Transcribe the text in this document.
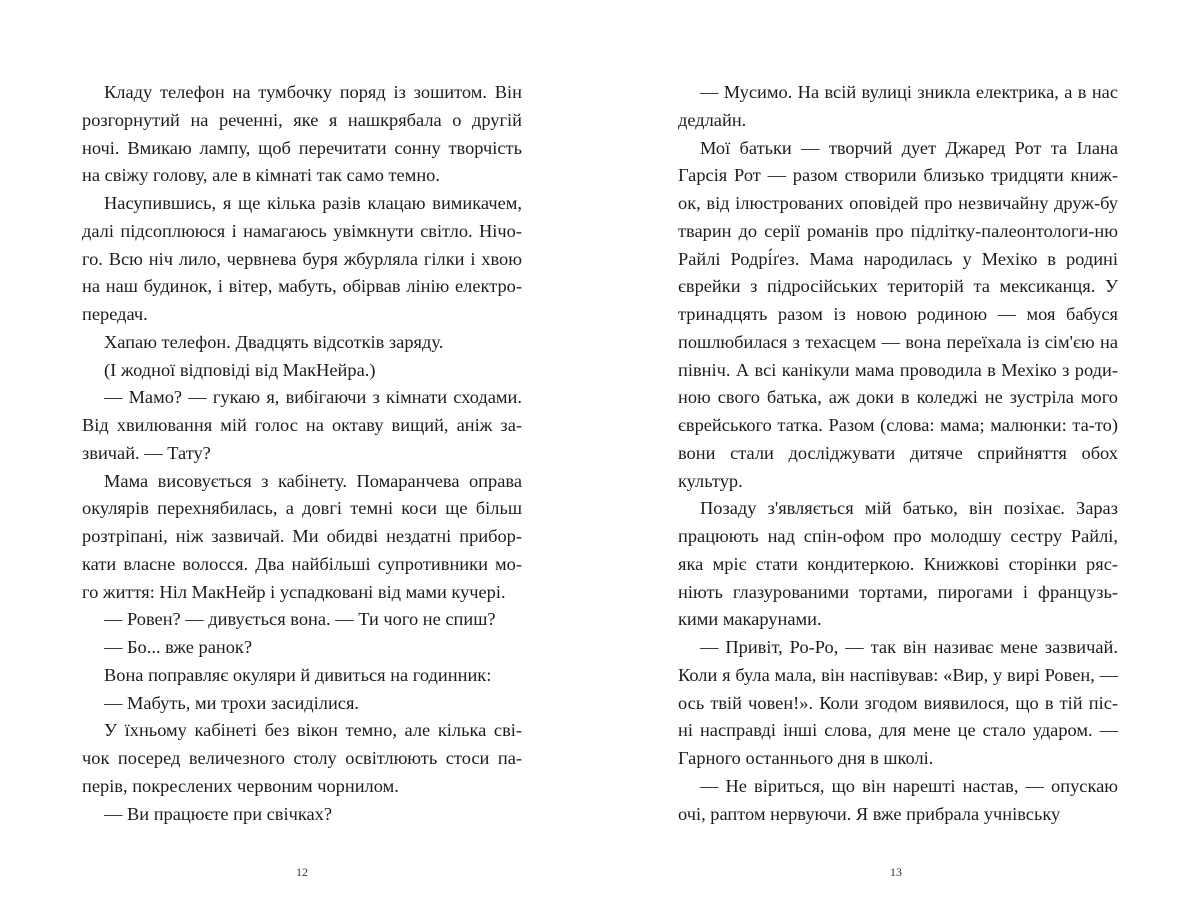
Кладу телефон на тумбочку поряд із зошитом. Він розгорнутий на реченні, яке я нашкрябала о другій ночі. Вмикаю лампу, щоб перечитати сонну творчість на свіжу голову, але в кімнаті так само темно.

Насупившись, я ще кілька разів клацаю вимикачем, далі підсоплююся і намагаюсь увімкнути світло. Нічо-го. Всю ніч лило, червнева буря жбурляла гілки і хвою на наш будинок, і вітер, мабуть, обірвав лінію електро-передач.

Хапаю телефон. Двадцять відсотків заряду.

(І жодної відповіді від МакНейра.)

— Мамо? — гукаю я, вибігаючи з кімнати сходами. Від хвилювання мій голос на октаву вищий, аніж за-звичай. — Тату?

Мама висовується з кабінету. Помаранчева оправа окулярів перехнябилась, а довгі темні коси ще більш розтріпані, ніж зазвичай. Ми обидві нездатні прибор-кати власне волосся. Два найбільші супротивники мо-го життя: Ніл МакНейр і успадковані від мами кучері.

— Ровен? — дивується вона. — Ти чого не спиш?

— Бо... вже ранок?

Вона поправляє окуляри й дивиться на годинник:

— Мабуть, ми трохи засиділися.

У їхньому кабінеті без вікон темно, але кілька сві-чок посеред величезного столу освітлюють стоси па-перів, покреслених червоним чорнилом.

— Ви працюєте при свічках?

— Мусимо. На всій вулиці зникла електрика, а в нас дедлайн.

Мої батьки — творчий дует Джаред Рот та Ілана Гарсія Рот — разом створили близько тридцяти книж-ок, від ілюстрованих оповідей про незвичайну друж-бу тварин до серії романів про підлітку-палеонтологи-ню Райлі Родрі́ґез. Мама народилась у Мехіко в родині єврейки з підросійських територій та мексиканця. У тринадцять разом із новою родиною — моя бабуся пошлюбилася з техасцем — вона переїхала із сім'єю на північ. А всі канікули мама проводила в Мехіко з роди-ною свого батька, аж доки в коледжі не зустріла мого єврейського татка. Разом (слова: мама; малюнки: та-то) вони стали досліджувати дитяче сприйняття обох культур.

Позаду з'являється мій батько, він позіхає. Зараз працюють над спін-офом про молодшу сестру Райлі, яка мріє стати кондитеркою. Книжкові сторінки ряс-ніють глазурованими тортами, пирогами і французь-кими макарунами.

— Привіт, Ро-Ро, — так він називає мене зазвичай. Коли я була мала, він наспівував: «Вир, у вирі Ровен, — ось твій човен!». Коли згодом виявилося, що в тій піс-ні насправді інші слова, для мене це стало ударом. — Гарного останнього дня в школі.

— Не віриться, що він нарешті настав, — опускаю очі, раптом нервуючи. Я вже прибрала учнівську

12	13
